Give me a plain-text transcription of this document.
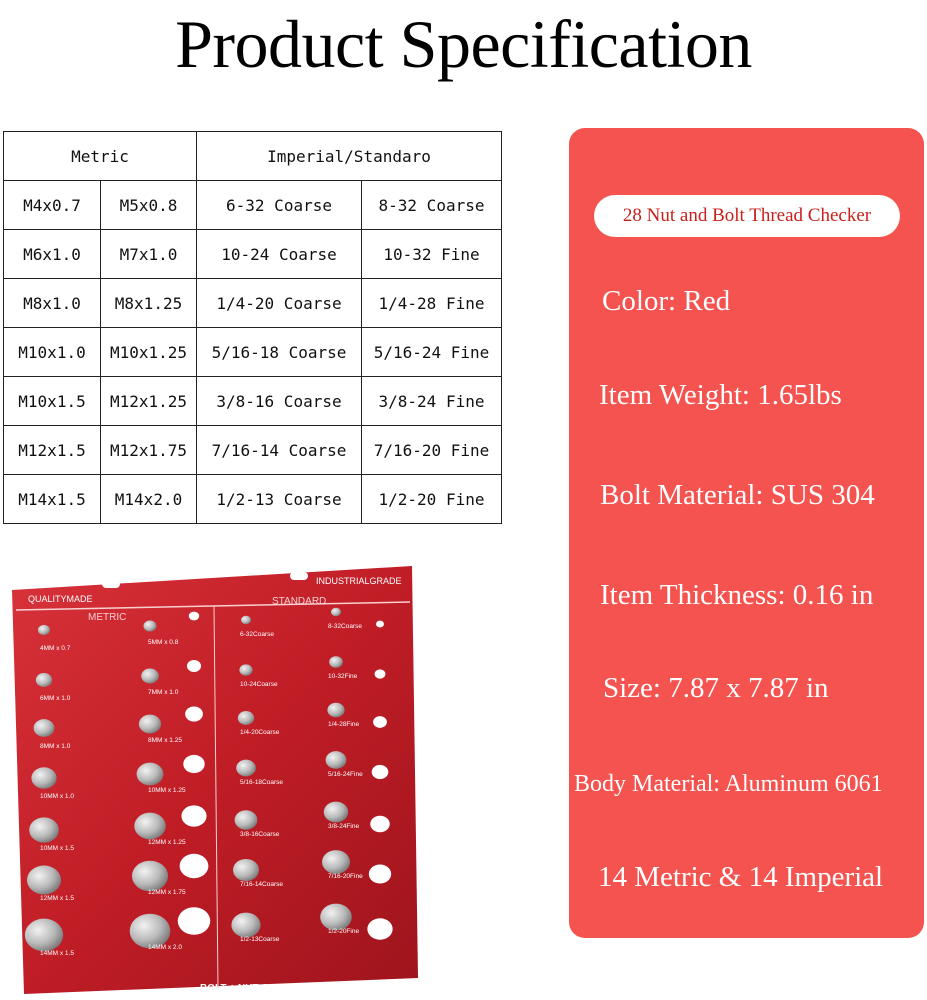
Product Specification
Metric		Imperial/Standaro	
M4x0.7	M5x0.8	6-32 Coarse	8-32 Coarse
M6x1.0	M7x1.0	10-24 Coarse	10-32 Fine
M8x1.0	M8x1.25	1/4-20 Coarse	1/4-28 Fine
M10x1.0	M10x1.25	5/16-18 Coarse	5/16-24 Fine
M10x1.5	M12x1.25	3/8-16 Coarse	3/8-24 Fine
M12x1.5	M12x1.75	7/16-14 Coarse	7/16-20 Fine
M14x1.5	M14x2.0	1/2-13 Coarse	1/2-20 Fine
28 Nut and Bolt Thread Checker
Color: Red
Item Weight: 1.65lbs
Bolt Material: SUS 304
Item Thickness: 0.16 in
Size: 7.87 x 7.87 in
Body Material: Aluminum 6061
14 Metric & 14 Imperial
QUALITYMADE
INDUSTRIALGRADE
METRIC
STANDARD
BOLT + NUT GAUGE
4MM x 0.7
5MM x 0.8
6-32Coarse
8-32Coarse
6MM x 1.0
7MM x 1.0
10-24Coarse
10-32Fine
8MM x 1.0
8MM x 1.25
1/4-20Coarse
1/4-28Fine
10MM x 1.0
10MM x 1.25
5/16-18Coarse
5/16-24Fine
10MM x 1.5
12MM x 1.25
3/8-16Coarse
3/8-24Fine
12MM x 1.5
12MM x 1.75
7/16-14Coarse
7/16-20Fine
14MM x 1.5
14MM x 2.0
1/2-13Coarse
1/2-20Fine
